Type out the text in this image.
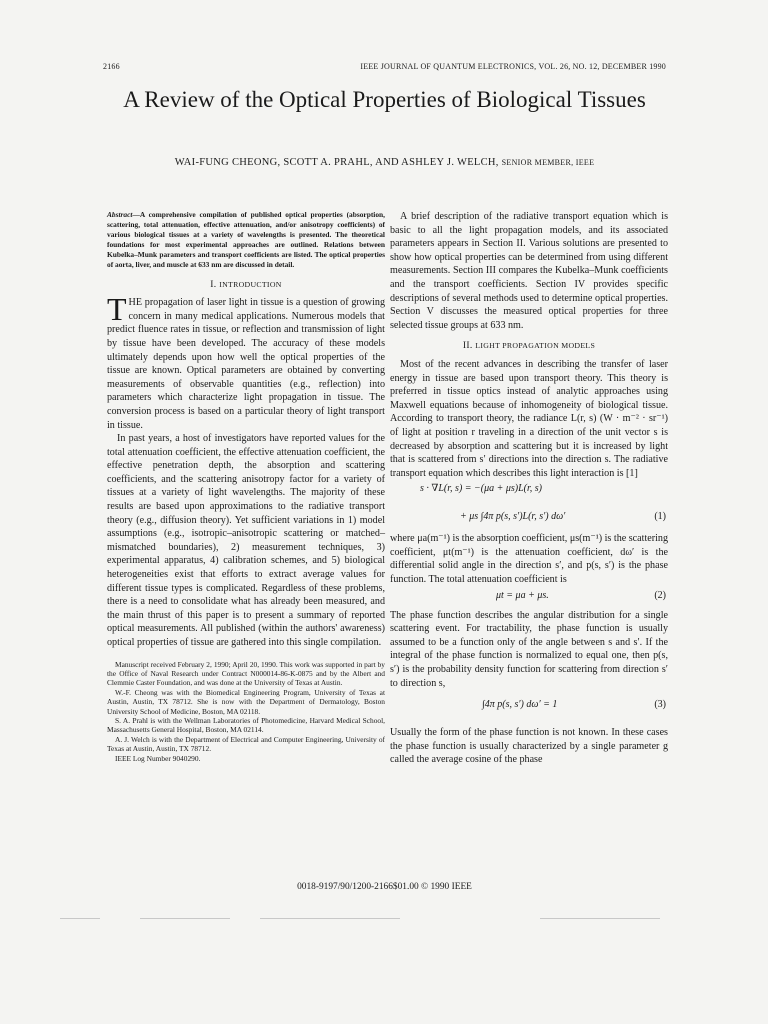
2166	IEEE JOURNAL OF QUANTUM ELECTRONICS, VOL. 26, NO. 12, DECEMBER 1990
A Review of the Optical Properties of Biological Tissues
WAI-FUNG CHEONG, SCOTT A. PRAHL, AND ASHLEY J. WELCH, SENIOR MEMBER, IEEE
Abstract—A comprehensive compilation of published optical properties (absorption, scattering, total attenuation, effective attenuation, and/or anisotropy coefficients) of various biological tissues at a variety of wavelengths is presented. The theoretical foundations for most experimental approaches are outlined. Relations between Kubelka–Munk parameters and transport coefficients are listed. The optical properties of aorta, liver, and muscle at 633 nm are discussed in detail.
I. INTRODUCTION

THE propagation of laser light in tissue is a question of growing concern in many medical applications. Numerous models that predict fluence rates in tissue, or reflection and transmission of light by tissue have been developed. The accuracy of these models ultimately depends upon how well the optical properties of the tissue are known. Optical parameters are obtained by converting measurements of observable quantities (e.g., reflection) into parameters which characterize light propagation in tissue. The conversion process is based on a particular theory of light transport in tissue.

In past years, a host of investigators have reported values for the total attenuation coefficient, the effective attenuation coefficient, the effective penetration depth, the absorption and scattering coefficients, and the scattering anisotropy factor for a variety of tissues at a variety of light wavelengths. The majority of these results are based upon approximations to the radiative transport theory (e.g., diffusion theory). Yet sufficient variations in 1) model assumptions (e.g., isotropic–anisotropic scattering or matched–mismatched boundaries), 2) measurement techniques, 3) experimental apparatus, 4) calibration schemes, and 5) biological heterogeneities exist that efforts to extract average values for different tissue types is complicated. Regardless of these problems, there is a need to consolidate what has already been measured, and the main thrust of this paper is to present a summary of reported optical measurements. All published (within the authors' awareness) optical properties of tissue are gathered into this single compilation.

Manuscript received February 2, 1990; April 20, 1990. This work was supported in part by the Office of Naval Research under Contract N000014-86-K-0875 and by the Albert and Clemmie Caster Foundation, and was done at the University of Texas at Austin.

W.-F. Cheong was with the Biomedical Engineering Program, University of Texas at Austin, Austin, TX 78712. She is now with the Department of Dermatology, Boston University School of Medicine, Boston, MA 02118.

S. A. Prahl is with the Wellman Laboratories of Photomedicine, Harvard Medical School, Massachusetts General Hospital, Boston, MA 02114.

A. J. Welch is with the Department of Electrical and Computer Engineering, University of Texas at Austin, Austin, TX 78712.

IEEE Log Number 9040290.

A brief description of the radiative transport equation which is basic to all the light propagation models, and its associated parameters appears in Section II. Various solutions are presented to show how optical properties can be determined from using different measurements. Section III compares the Kubelka–Munk coefficients and the transport coefficients. Section IV provides specific descriptions of several methods used to determine optical properties. Section V discusses the measured optical properties for three selected tissue groups at 633 nm.

II. LIGHT PROPAGATION MODELS

Most of the recent advances in describing the transfer of laser energy in tissue are based upon transport theory. This theory is preferred in tissue optics instead of analytic approaches using Maxwell equations because of inhomogeneity of biological tissue. According to transport theory, the radiance L(r, s) (W · m⁻² · sr⁻¹) of light at position r traveling in a direction of the unit vector s is decreased by absorption and scattering but it is increased by light that is scattered from s′ directions into the direction s. The radiative transport equation which describes this light interaction is [1]

s · ∇L(r, s) = −(μa + μs)L(r, s)
+ μs ∫4π p(s, s′)L(r, s′) dω′	(1)

where μa(m⁻¹) is the absorption coefficient, μs(m⁻¹) is the scattering coefficient, μt(m⁻¹) is the attenuation coefficient, dω′ is the differential solid angle in the direction s′, and p(s, s′) is the phase function. The total attenuation coefficient is

μt = μa + μs.	(2)

The phase function describes the angular distribution for a single scattering event. For tractability, the phase function is usually assumed to be a function only of the angle between s and s′. If the integral of the phase function is normalized to equal one, then p(s, s′) is the probability density function for scattering from direction s′ to direction s,

∫4π p(s, s′) dω′ = 1	(3)

Usually the form of the phase function is not known. In these cases the phase function is usually characterized by a single parameter g called the average cosine of the phase

0018-9197/90/1200-2166$01.00 © 1990 IEEE
